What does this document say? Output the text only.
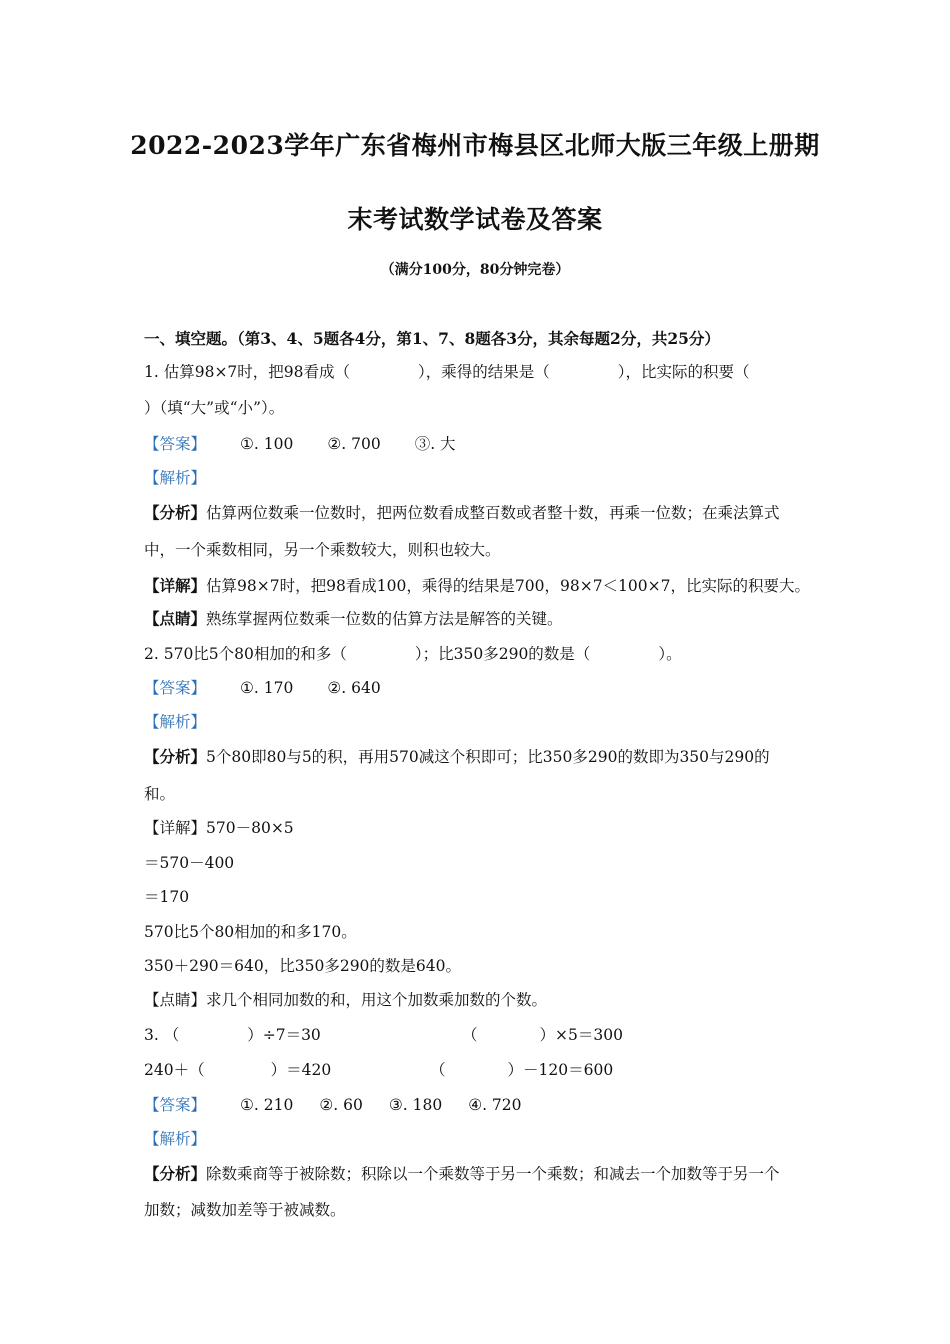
2022-2023学年广东省梅州市梅县区北师大版三年级上册期
末考试数学试卷及答案
（满分100分，80分钟完卷）
一、填空题。（第3、4、5题各4分，第1、7、8题各3分，其余每题2分，共25分）
1. 估算98×7时，把98看成（	），乘得的结果是（	），比实际的积要（
）（填“大”或“小”）。
【答案】 ①. 100 ②. 700 ③. 大
【解析】
【分析】估算两位数乘一位数时，把两位数看成整百数或者整十数，再乘一位数；在乘法算式
中，一个乘数相同，另一个乘数较大，则积也较大。
【详解】估算98×7时，把98看成100，乘得的结果是700，98×7＜100×7，比实际的积要大。
【点睛】熟练掌握两位数乘一位数的估算方法是解答的关键。
2. 570比5个80相加的和多（	）；比350多290的数是（	）。
【答案】 ①. 170 ②. 640
【解析】
【分析】5个80即80与5的积，再用570减这个积即可；比350多290的数即为350与290的
和。
【详解】570－80×5
＝570－400
＝170
570比5个80相加的和多170。
350＋290＝640，比350多290的数是640。
【点睛】求几个相同加数的和，用这个加数乘加数的个数。
3. （	）÷7＝30	（	）×5＝300
240＋（	）＝420	（	）－120＝600
【答案】 ①. 210 ②. 60 ③. 180 ④. 720
【解析】
【分析】除数乘商等于被除数；积除以一个乘数等于另一个乘数；和减去一个加数等于另一个
加数；减数加差等于被减数。
